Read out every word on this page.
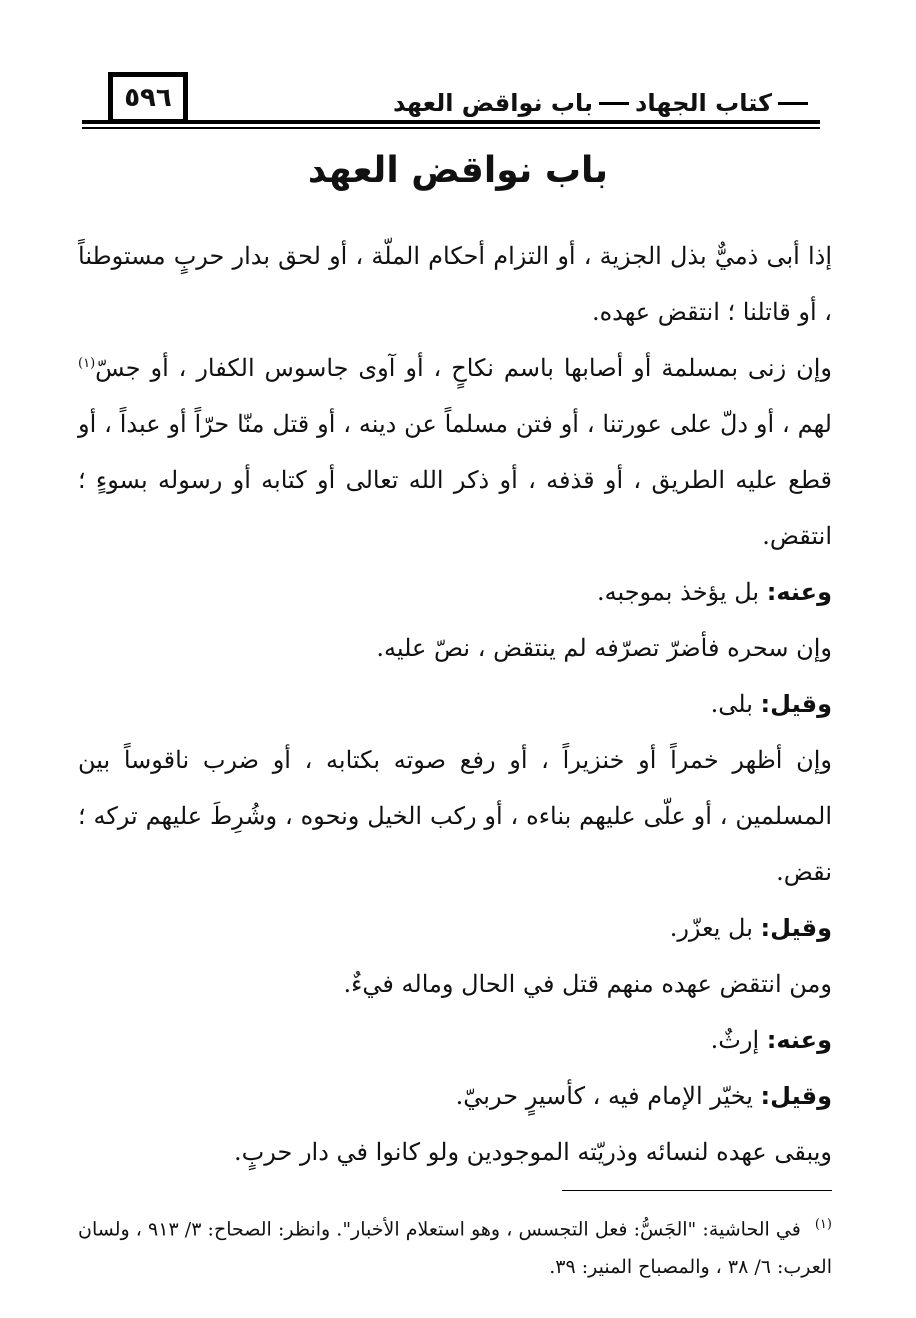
٥٩٦	كتاب الجهاد
باب نواقض العهد
باب نواقض العهد

إذا أبى ذميٌّ بذل الجزية ، أو التزام أحكام الملّة ، أو لحق بدار حربٍ مستوطناً ، أو قاتلنا ؛ انتقض عهده.

وإن زنى بمسلمة أو أصابها باسم نكاحٍ ، أو آوى جاسوس الكفار ، أو جسّ$^{(١)}$ لهم ، أو دلّ على عورتنا ، أو فتن مسلماً عن دينه ، أو قتل منّا حرّاً أو عبداً ، أو قطع عليه الطريق ، أو قذفه ، أو ذكر الله تعالى أو كتابه أو رسوله بسوءٍ ؛ انتقض.

وعنه: بل يؤخذ بموجبه.

وإن سحره فأضرّ تصرّفه لم ينتقض ، نصّ عليه.

وقيل: بلى.

وإن أظهر خمراً أو خنزيراً ، أو رفع صوته بكتابه ، أو ضرب ناقوساً بين المسلمين ، أو علّى عليهم بناءه ، أو ركب الخيل ونحوه ، وشُرِطَ عليهم تركه ؛ نقض.

وقيل: بل يعزّر.

ومن انتقض عهده منهم قتل في الحال وماله فيءٌ.

وعنه: إرثٌ.

وقيل: يخيّر الإمام فيه ، كأسيرٍ حربيّ.

ويبقى عهده لنسائه وذريّته الموجودين ولو كانوا في دار حربٍ.

$^{(١)}$في الحاشية: "الجَسُّ: فعل التجسس ، وهو استعلام الأخبار". وانظر: الصحاح: ٣/ ٩١٣ ، ولسان العرب: ٦/ ٣٨ ، والمصباح المنير: ٣٩.
